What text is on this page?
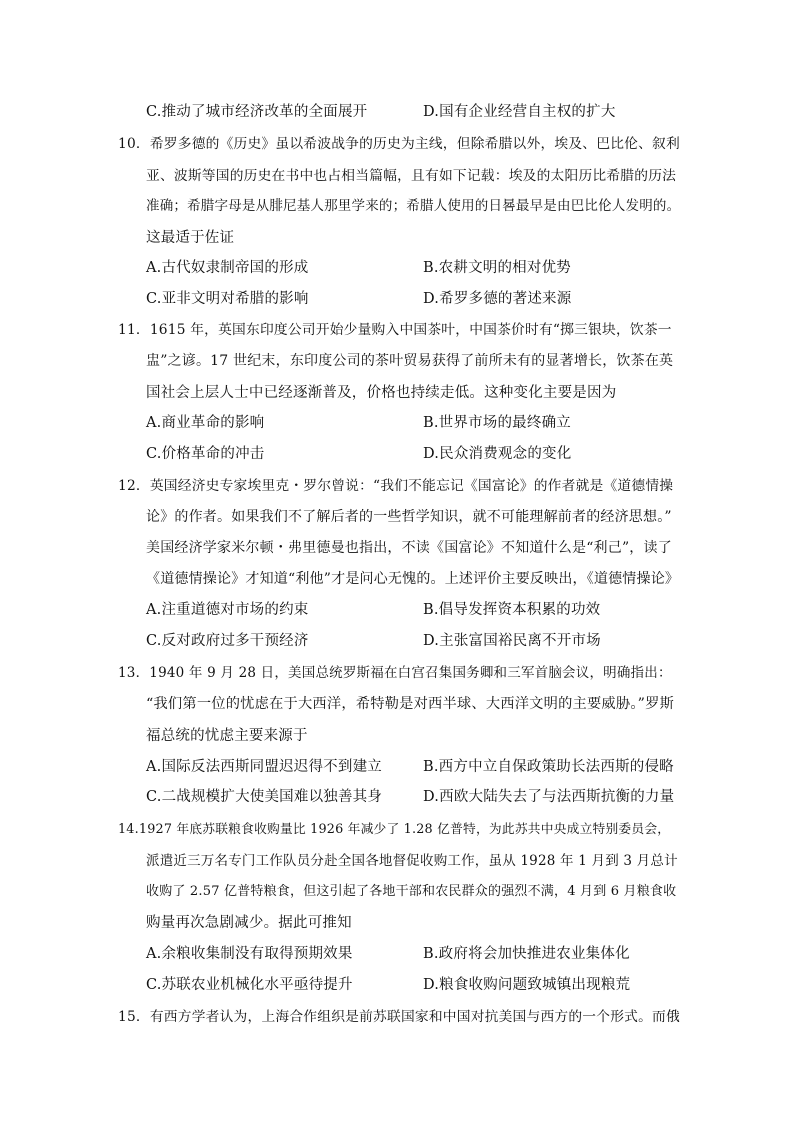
C.推动了城市经济改革的全面展开	D.国有企业经营自主权的扩大
10．希罗多德的《历史》虽以希波战争的历史为主线，但除希腊以外，埃及、巴比伦、叙利
亚、波斯等国的历史在书中也占相当篇幅，且有如下记载：埃及的太阳历比希腊的历法
准确；希腊字母是从腓尼基人那里学来的；希腊人使用的日晷最早是由巴比伦人发明的。
这最适于佐证
A.古代奴隶制帝国的形成	B.农耕文明的相对优势
C.亚非文明对希腊的影响	D.希罗多德的著述来源
11．1615 年，英国东印度公司开始少量购入中国茶叶，中国茶价时有“掷三银块，饮茶一
盅”之谚。17 世纪末，东印度公司的茶叶贸易获得了前所未有的显著增长，饮茶在英
国社会上层人士中已经逐渐普及，价格也持续走低。这种变化主要是因为
A.商业革命的影响	B.世界市场的最终确立
C.价格革命的冲击	D.民众消费观念的变化
12．英国经济史专家埃里克・罗尔曾说：“我们不能忘记《国富论》的作者就是《道德情操
论》的作者。如果我们不了解后者的一些哲学知识，就不可能理解前者的经济思想。”
美国经济学家米尔顿・弗里德曼也指出，不读《国富论》不知道什么是“利己”，读了
《道德情操论》才知道“利他”才是问心无愧的。上述评价主要反映出，《道德情操论》
A.注重道德对市场的约束	B.倡导发挥资本积累的功效
C.反对政府过多干预经济	D.主张富国裕民离不开市场
13．1940 年 9 月 28 日，美国总统罗斯福在白宫召集国务卿和三军首脑会议，明确指出：
“我们第一位的忧虑在于大西洋，希特勒是对西半球、大西洋文明的主要威胁。”罗斯
福总统的忧虑主要来源于
A.国际反法西斯同盟迟迟得不到建立	B.西方中立自保政策助长法西斯的侵略
C.二战规模扩大使美国难以独善其身	D.西欧大陆失去了与法西斯抗衡的力量
14.1927 年底苏联粮食收购量比 1926 年减少了 1.28 亿普特，为此苏共中央成立特别委员会，
派遣近三万名专门工作队员分赴全国各地督促收购工作，虽从 1928 年 1 月到 3 月总计
收购了 2.57 亿普特粮食，但这引起了各地干部和农民群众的强烈不满，4 月到 6 月粮食收
购量再次急剧减少。据此可推知
A.余粮收集制没有取得预期效果	B.政府将会加快推进农业集体化
C.苏联农业机械化水平亟待提升	D.粮食收购问题致城镇出现粮荒
15．有西方学者认为，上海合作组织是前苏联国家和中国对抗美国与西方的一个形式。而俄
